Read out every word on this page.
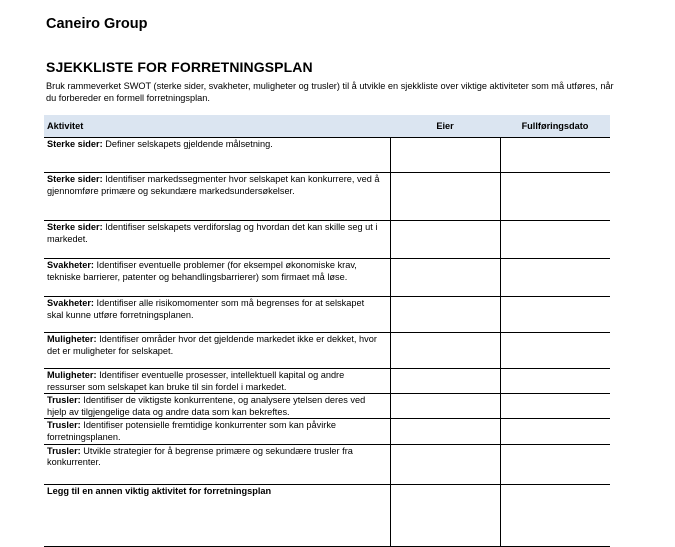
Caneiro Group
SJEKKLISTE FOR FORRETNINGSPLAN
Bruk rammeverket SWOT (sterke sider, svakheter, muligheter og trusler) til å utvikle en sjekkliste over viktige aktiviteter som må utføres, når du forbereder en formell forretningsplan.
Aktivitet	Eier	Fullføringsdato
Sterke sider: Definer selskapets gjeldende målsetning.		
Sterke sider: Identifiser markedssegmenter hvor selskapet kan konkurrere, ved å gjennomføre primære og sekundære markedsundersøkelser.		
Sterke sider: Identifiser selskapets verdiforslag og hvordan det kan skille seg ut i markedet.		
Svakheter: Identifiser eventuelle problemer (for eksempel økonomiske krav, tekniske barrierer, patenter og behandlingsbarrierer) som firmaet må løse.		
Svakheter: Identifiser alle risikomomenter som må begrenses for at selskapet skal kunne utføre forretningsplanen.		
Muligheter: Identifiser områder hvor det gjeldende markedet ikke er dekket, hvor det er muligheter for selskapet.		
Muligheter: Identifiser eventuelle prosesser, intellektuell kapital og andre ressurser som selskapet kan bruke til sin fordel i markedet.		
Trusler: Identifiser de viktigste konkurrentene, og analysere ytelsen deres ved hjelp av tilgjengelige data og andre data som kan bekreftes.		
Trusler: Identifiser potensielle fremtidige konkurrenter som kan påvirke forretningsplanen.		
Trusler: Utvikle strategier for å begrense primære og sekundære trusler fra konkurrenter.		
Legg til en annen viktig aktivitet for forretningsplan		
